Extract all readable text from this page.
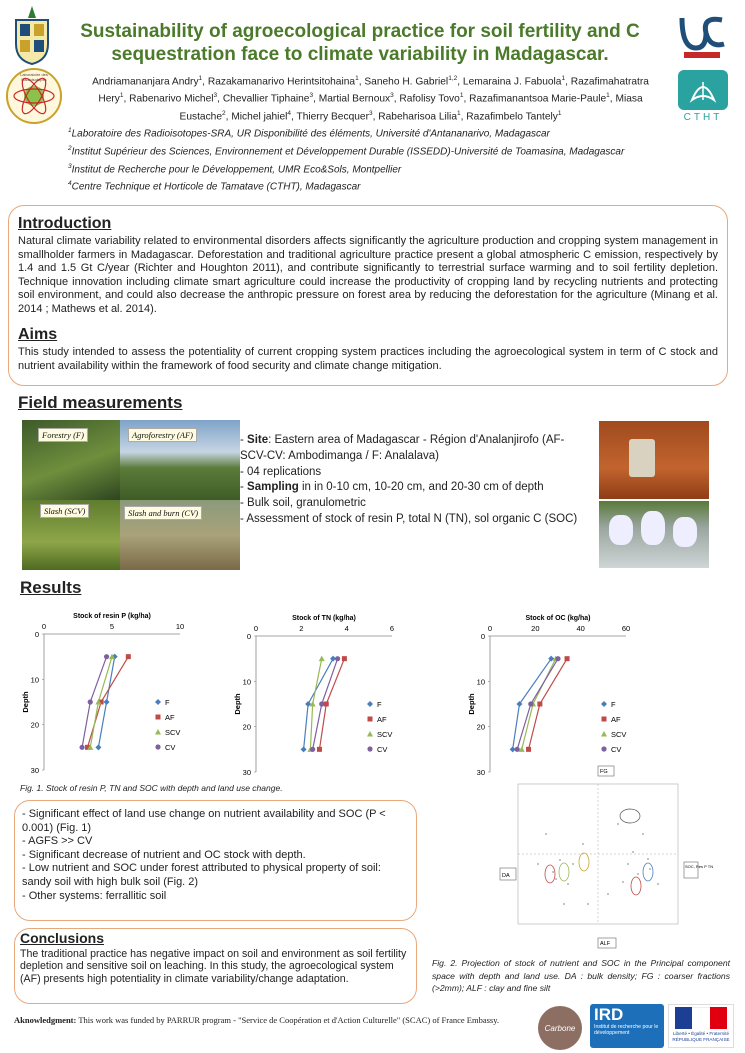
Laboratoire des Radioisotopes
CTHT
Sustainability of agroecological practice for soil fertility and C sequestration face to climate variability in Madagascar.
Andriamananjara Andry$^1$, Razakamanarivo Herintsitohaina$^1$, Saneho H. Gabriel$^{1,2}$, Lemaraina J. Fabuola$^1$, Razafimahatratra Hery$^1$, Rabenarivo Michel$^3$, Chevallier Tiphaine$^3$, Martial Bernoux$^3$, Rafolisy Tovo$^1$, Razafimanantsoa Marie-Paule$^1$, Miasa Eustache$^2$, Michel jahiel$^4$, Thierry Becquer$^3$, Rabeharisoa Lilia$^1$, Razafimbelo Tantely$^1$
$^1$Laboratoire des Radioisotopes-SRA, UR Disponibilité des éléments, Université d'Antananarivo, Madagascar
$^2$Institut Supérieur des Sciences, Environnement et Développement Durable (ISSEDD)-Université de Toamasina, Madagascar
$^3$Institut de Recherche pour le Développement, UMR Eco&Sols, Montpellier
$^4$Centre Technique et Horticole de Tamatave (CTHT), Madagascar
Introduction
Natural climate variability related to environmental disorders affects significantly the agriculture production and cropping system management in smallholder farmers in Madagascar. Deforestation and traditional agriculture practice present a global atmospheric C emission, respectively by 1.4 and 1.5 Gt C/year (Richter and Houghton 2011), and contribute significantly to terrestrial surface warming and to soil fertility depletion. Technique innovation including climate smart agriculture could increase the productivity of cropping land by recycling nutrients and protecting soil environment, and could also decrease the anthropic pressure on forest area by reducing the deforestation for the agriculture (Minang et al. 2014 ; Mathews et al. 2014).
Aims
This study intended to assess the potentiality of current cropping system practices including the agroecological system in term of C stock and nutrient availability within the framework of food security and climate change mitigation.
Field measurements
Forestry (F)	Agroforestry (AF)
Slash (SCV)	Slash and burn (CV)
- Site: Eastern area of Madagascar - Région d'Analanjirofo (AF-SCV-CV: Ambodimanga / F: Analalava)
- 04 replications
- Sampling in in 0-10 cm, 10-20 cm, and 20-30 cm of depth
- Bulk soil, granulometric
- Assessment of stock of resin P, total N (TN), sol organic C (SOC)
Results
Stock of resin P (kg/ha)
0	5	10
0
10
20
30
Depth	F
AF
SCV
CV
Stock of TN (kg/ha)
0	2	4	6
0
10
20
30
Depth	F
AF
SCV
CV
Stock of OC (kg/ha)
0	20	40	60
0
10
20
30
Depth	F
AF
SCV
CV
Fig. 1. Stock of resin P, TN and SOC with depth and land use change.
- Significant effect of land use change on nutrient availability and SOC (P < 0.001) (Fig. 1)
- AGFS >> CV
- Significant decrease of nutrient and OC stock with depth.
- Low nutrient and SOC under forest attributed to physical property of soil: sandy soil with high bulk soil (Fig. 2)
- Other systems: ferrallitic soil
Conclusions
The traditional practice has negative impact on soil and environment as soil fertility depletion and sensitive soil on leaching. In this study, the agroecological system (AF) presents high potentiality in climate variability/change adaptation.
FG
DA
ALF
SOC, Res P TN
Fig. 2. Projection of stock of nutrient and SOC in the Principal component space with depth and land use. DA : bulk density; FG : coarser fractions (>2mm); ALF : clay and fine silt
Aknowledgment: This work was funded by PARRUR program - "Service de Coopération et d'Action Culturelle" (SCAC) of France Embassy.
Carbone
IRD
Institut de recherche pour le développement	Liberté • Égalité • Fraternité RÉPUBLIQUE FRANÇAISE
